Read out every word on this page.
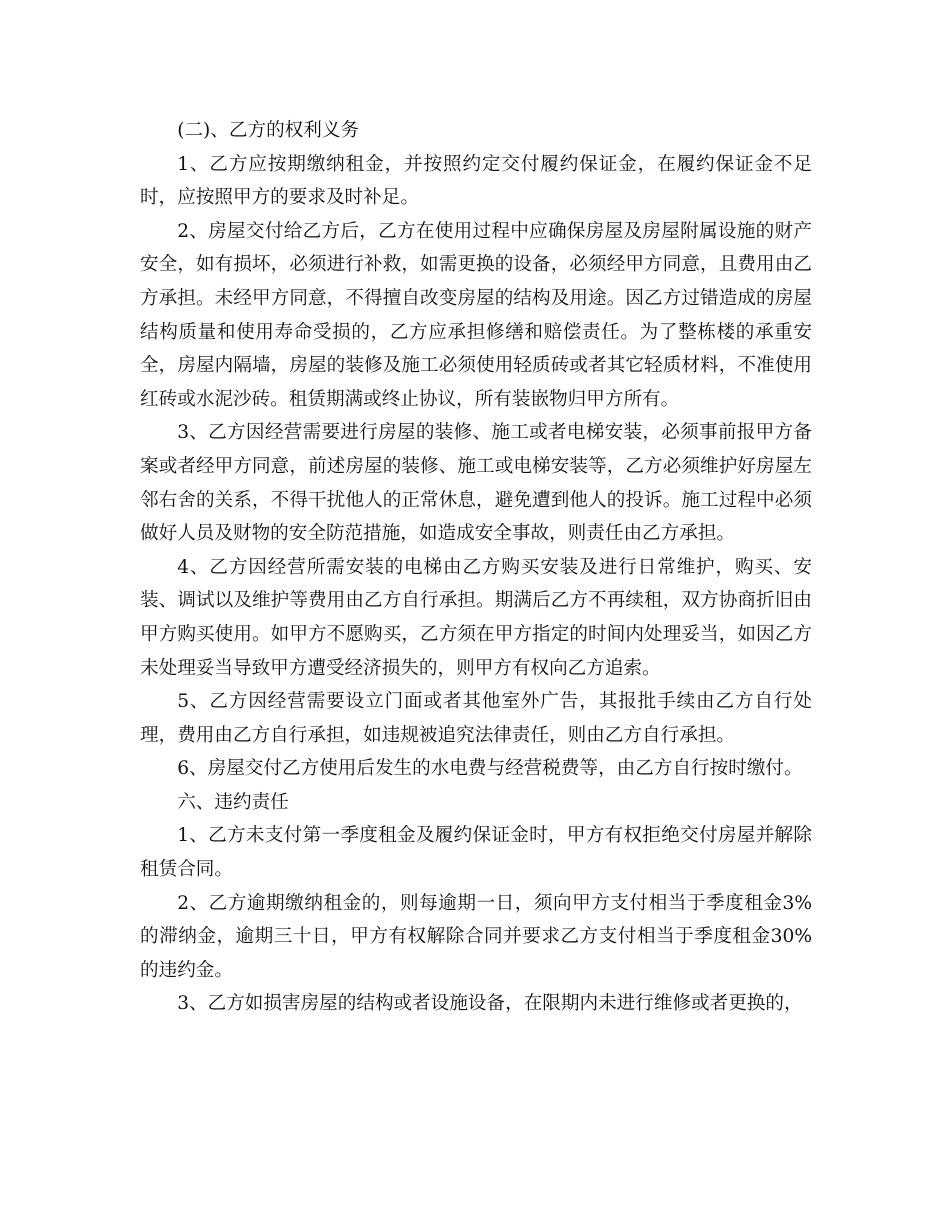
(二)、乙方的权利义务

1、乙方应按期缴纳租金，并按照约定交付履约保证金，在履约保证金不足时，应按照甲方的要求及时补足。

2、房屋交付给乙方后，乙方在使用过程中应确保房屋及房屋附属设施的财产安全，如有损坏，必须进行补救，如需更换的设备，必须经甲方同意，且费用由乙方承担。未经甲方同意，不得擅自改变房屋的结构及用途。因乙方过错造成的房屋结构质量和使用寿命受损的，乙方应承担修缮和赔偿责任。为了整栋楼的承重安全，房屋内隔墙，房屋的装修及施工必须使用轻质砖或者其它轻质材料，不准使用红砖或水泥沙砖。租赁期满或终止协议，所有装嵌物归甲方所有。

3、乙方因经营需要进行房屋的装修、施工或者电梯安装，必须事前报甲方备案或者经甲方同意，前述房屋的装修、施工或电梯安装等，乙方必须维护好房屋左邻右舍的关系，不得干扰他人的正常休息，避免遭到他人的投诉。施工过程中必须做好人员及财物的安全防范措施，如造成安全事故，则责任由乙方承担。

4、乙方因经营所需安装的电梯由乙方购买安装及进行日常维护，购买、安装、调试以及维护等费用由乙方自行承担。期满后乙方不再续租，双方协商折旧由甲方购买使用。如甲方不愿购买，乙方须在甲方指定的时间内处理妥当，如因乙方未处理妥当导致甲方遭受经济损失的，则甲方有权向乙方追索。

5、乙方因经营需要设立门面或者其他室外广告，其报批手续由乙方自行处理，费用由乙方自行承担，如违规被追究法律责任，则由乙方自行承担。

6、房屋交付乙方使用后发生的水电费与经营税费等，由乙方自行按时缴付。

六、违约责任

1、乙方未支付第一季度租金及履约保证金时，甲方有权拒绝交付房屋并解除租赁合同。

2、乙方逾期缴纳租金的，则每逾期一日，须向甲方支付相当于季度租金3%的滞纳金，逾期三十日，甲方有权解除合同并要求乙方支付相当于季度租金30%的违约金。

3、乙方如损害房屋的结构或者设施设备，在限期内未进行维修或者更换的，
